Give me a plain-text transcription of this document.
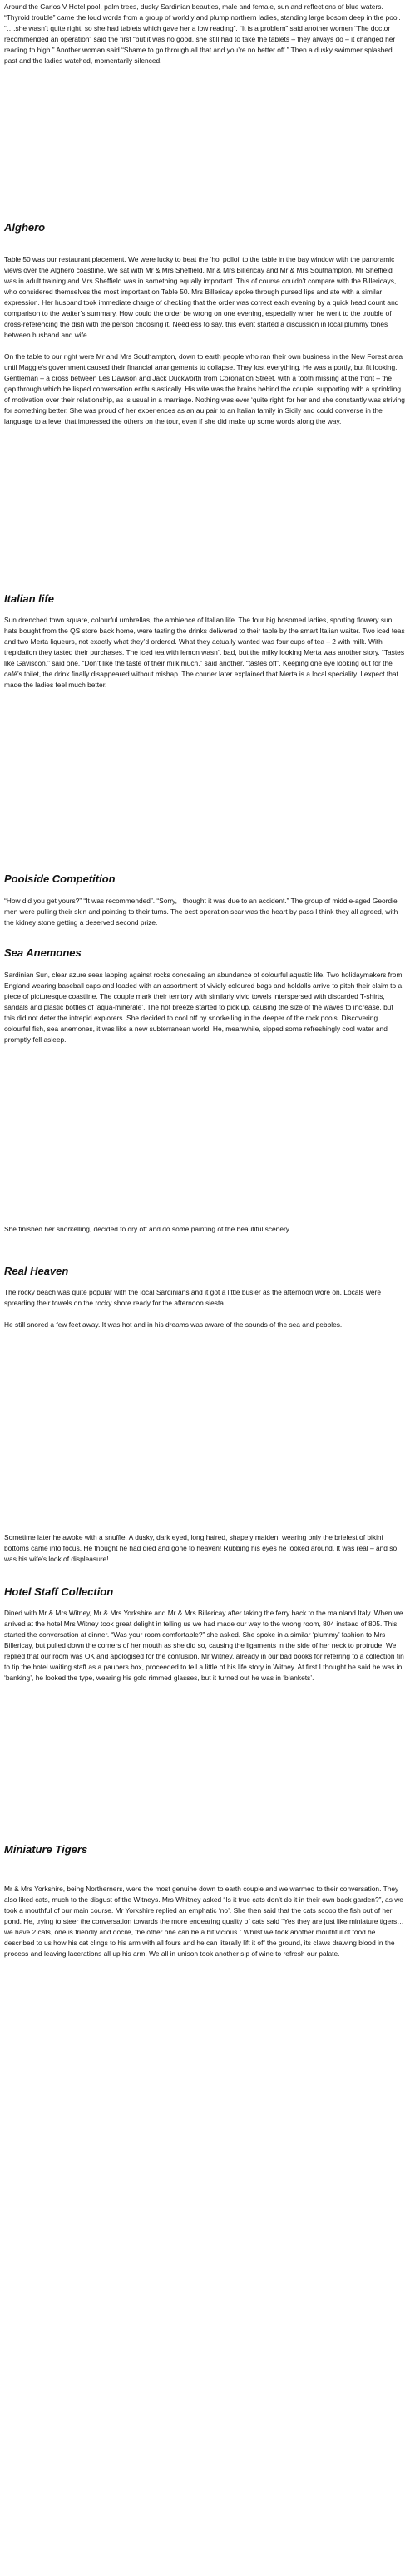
Around the Carlos V Hotel pool, palm trees, dusky Sardinian beauties, male and female, sun and reflections of blue waters. “Thyroid trouble” came the loud words from a group of worldly and plump northern ladies, standing large bosom deep in the pool. “….she wasn’t quite right, so she had tablets which gave her a low reading”. “It is a problem” said another women “The doctor recommended an operation” said the first “but it was no good, she still had to take the tablets – they always do – it changed her reading to high.” Another woman said “Shame to go through all that and you’re no better off.” Then a dusky swimmer splashed past and the ladies watched, momentarily silenced.

Alghero

Table 50 was our restaurant placement. We were lucky to beat the ‘hoi polloi’ to the table in the bay window with the panoramic views over the Alghero coastline. We sat with Mr & Mrs Sheffield, Mr & Mrs Billericay and Mr & Mrs Southampton. Mr Sheffield was in adult training and Mrs Sheffield was in something equally important. This of course couldn’t compare with the Billericays, who considered themselves the most important on Table 50. Mrs Billericay spoke through pursed lips and ate with a similar expression. Her husband took immediate charge of checking that the order was correct each evening by a quick head count and comparison to the waiter’s summary. How could the order be wrong on one evening, especially when he went to the trouble of cross-referencing the dish with the person choosing it. Needless to say, this event started a discussion in local plummy tones between husband and wife.

On the table to our right were Mr and Mrs Southampton, down to earth people who ran their own business in the New Forest area until Maggie’s government caused their financial arrangements to collapse. They lost everything. He was a portly, but fit looking. Gentleman – a cross between Les Dawson and Jack Duckworth from Coronation Street, with a tooth missing at the front – the gap through which he lisped conversation enthusiastically. His wife was the brains behind the couple, supporting with a sprinkling of motivation over their relationship, as is usual in a marriage. Nothing was ever ‘quite right’ for her and she constantly was striving for something better. She was proud of her experiences as an au pair to an Italian family in Sicily and could converse in the language to a level that impressed the others on the tour, even if she did make up some words along the way.

Italian life

Sun drenched town square, colourful umbrellas, the ambience of Italian life. The four big bosomed ladies, sporting flowery sun hats bought from the QS store back home, were tasting the drinks delivered to their table by the smart Italian waiter. Two iced teas and two Merta liqueurs, not exactly what they’d ordered. What they actually wanted was four cups of tea – 2 with milk. With trepidation they tasted their purchases. The iced tea with lemon wasn’t bad, but the milky looking Merta was another story. “Tastes like Gaviscon,” said one. “Don’t like the taste of their milk much,” said another, “tastes off”. Keeping one eye looking out for the café’s toilet, the drink finally disappeared without mishap. The courier later explained that Merta is a local speciality. I expect that made the ladies feel much better.

Poolside Competition

“How did you get yours?” “It was recommended”. “Sorry, I thought it was due to an accident.” The group of middle-aged Geordie men were pulling their skin and pointing to their tums. The best operation scar was the heart by pass I think they all agreed, with the kidney stone getting a deserved second prize.

Sea Anemones

Sardinian Sun, clear azure seas lapping against rocks concealing an abundance of colourful aquatic life. Two holidaymakers from England wearing baseball caps and loaded with an assortment of vividly coloured bags and holdalls arrive to pitch their claim to a piece of picturesque coastline. The couple mark their territory with similarly vivid towels interspersed with discarded T-shirts, sandals and plastic bottles of ‘aqua-minerale’. The hot breeze started to pick up, causing the size of the waves to increase, but this did not deter the intrepid explorers. She decided to cool off by snorkelling in the deeper of the rock pools. Discovering colourful fish, sea anemones, it was like a new subterranean world. He, meanwhile, sipped some refreshingly cool water and promptly fell asleep.

She finished her snorkelling, decided to dry off and do some painting of the beautiful scenery.

Real Heaven

The rocky beach was quite popular with the local Sardinians and it got a little busier as the afternoon wore on. Locals were spreading their towels on the rocky shore ready for the afternoon siesta.

He still snored a few feet away. It was hot and in his dreams was aware of the sounds of the sea and pebbles.

Sometime later he awoke with a snuffle. A dusky, dark eyed, long haired, shapely maiden, wearing only the briefest of bikini bottoms came into focus. He thought he had died and gone to heaven! Rubbing his eyes he looked around. It was real – and so was his wife’s look of displeasure!

Hotel Staff Collection

Dined with Mr & Mrs Witney, Mr & Mrs Yorkshire and Mr & Mrs Billericay after taking the ferry back to the mainland Italy. When we arrived at the hotel Mrs Witney took great delight in telling us we had made our way to the wrong room, 804 instead of 805. This started the conversation at dinner. “Was your room comfortable?” she asked. She spoke in a similar ‘plummy’ fashion to Mrs Billericay, but pulled down the corners of her mouth as she did so, causing the ligaments in the side of her neck to protrude. We replied that our room was OK and apologised for the confusion. Mr Witney, already in our bad books for referring to a collection tin to tip the hotel waiting staff as a paupers box, proceeded to tell a little of his life story in Witney. At first I thought he said he was in ‘banking’, he looked the type, wearing his gold rimmed glasses, but it turned out he was in ‘blankets’.

Miniature Tigers

Mr & Mrs Yorkshire, being Northerners, were the most genuine down to earth couple and we warmed to their conversation. They also liked cats, much to the disgust of the Witneys. Mrs Whitney asked “Is it true cats don’t do it in their own back garden?”, as we took a mouthful of our main course. Mr Yorkshire replied an emphatic ‘no’. She then said that the cats scoop the fish out of her pond. He, trying to steer the conversation towards the more endearing quality of cats said “Yes they are just like miniature tigers…we have 2 cats, one is friendly and docile, the other one can be a bit vicious.” Whilst we took another mouthful of food he described to us how his cat clings to his arm with all fours and he can literally lift it off the ground, its claws drawing blood in the process and leaving lacerations all up his arm. We all in unison took another sip of wine to refresh our palate.
